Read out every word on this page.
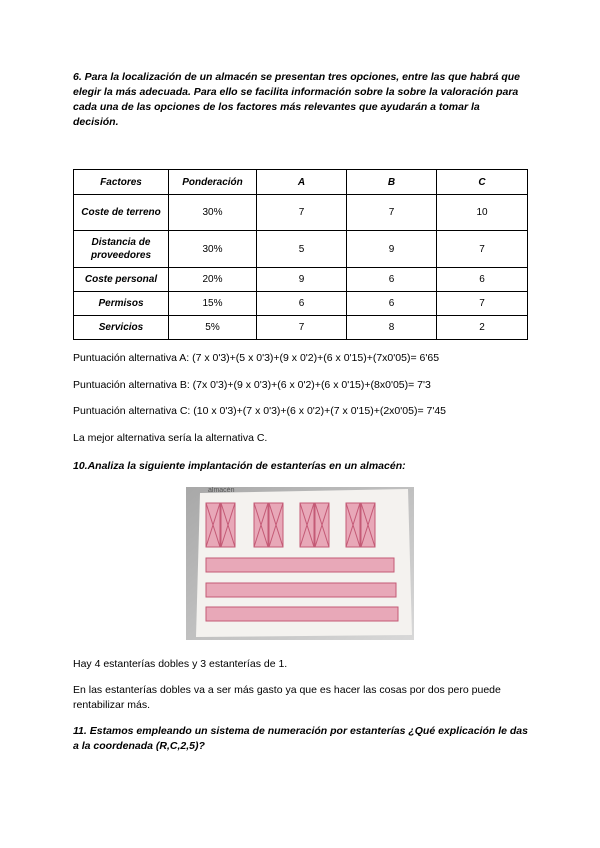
6. Para la localización de un almacén se presentan tres opciones, entre las que habrá que elegir la más adecuada. Para ello se facilita información sobre la sobre la valoración para cada una de las opciones de los factores más relevantes que ayudarán a tomar la decisión.
Factores	Ponderación	A	B	C
Coste de terreno	30%	7	7	10
Distancia de proveedores	30%	5	9	7
Coste personal	20%	9	6	6
Permisos	15%	6	6	7
Servicios	5%	7	8	2
Puntuación alternativa A: (7 x 0'3)+(5 x 0'3)+(9 x 0'2)+(6 x 0'15)+(7x0'05)= 6'65
Puntuación alternativa B: (7x 0'3)+(9 x 0'3)+(6 x 0'2)+(6 x 0'15)+(8x0'05)= 7'3
Puntuación alternativa C: (10 x 0'3)+(7 x 0'3)+(6 x 0'2)+(7 x 0'15)+(2x0'05)= 7'45
La mejor alternativa sería la alternativa C.
10.Analiza la siguiente implantación de estanterías en un almacén:
almacén
Hay 4 estanterías dobles y 3 estanterías de 1.
En las estanterías dobles va a ser más gasto ya que es hacer las cosas por dos pero puede rentabilizar más.
11. Estamos empleando un sistema de numeración por estanterías ¿Qué explicación le das a la coordenada (R,C,2,5)?
